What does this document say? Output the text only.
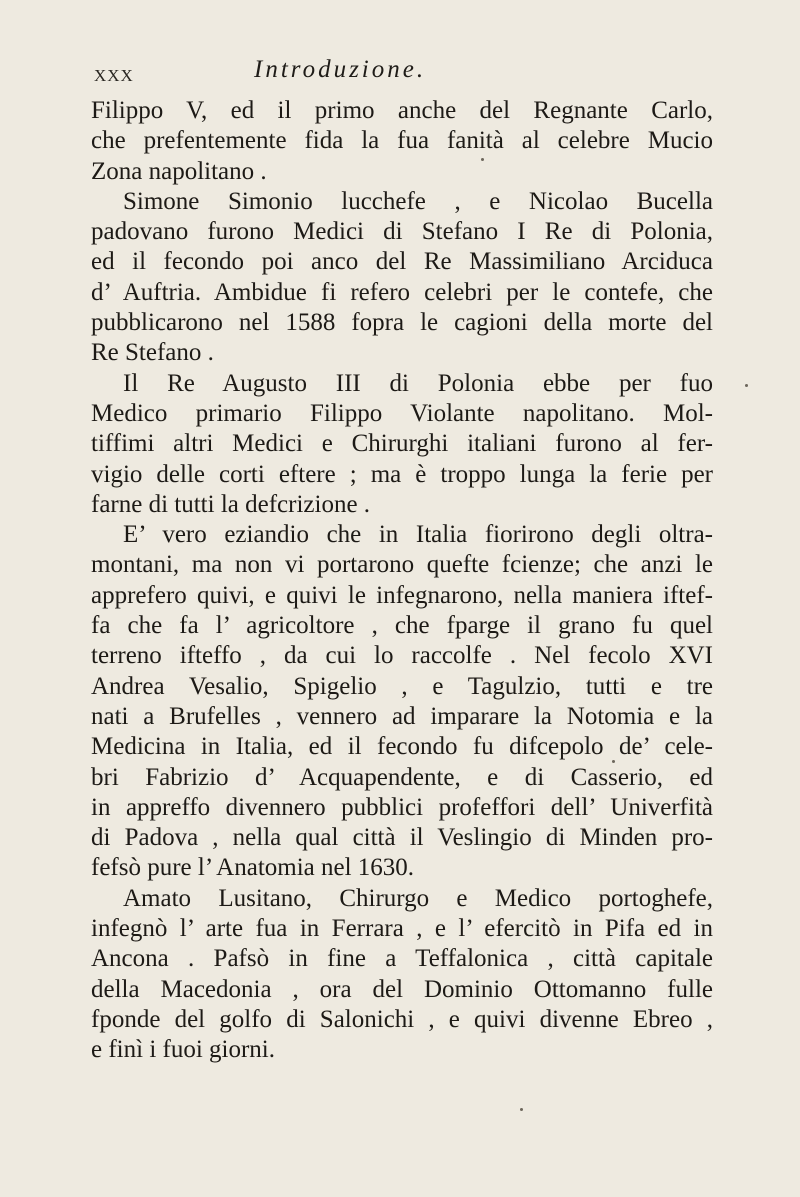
XXX	Introduzione.
Filippo V, ed il primo anche del Regnante Carlo,
che prefentemente fida la fua fanità al celebre Mucio
Zona napolitano .
Simone Simonio lucchefe , e Nicolao Bucella
padovano furono Medici di Stefano I Re di Polonia,
ed il fecondo poi anco del Re Massimiliano Arciduca
d’ Auftria. Ambidue fi refero celebri per le contefe, che
pubblicarono nel 1588 fopra le cagioni della morte del
Re Stefano .
Il Re Augusto III di Polonia ebbe per fuo
Medico primario Filippo Violante napolitano. Mol-
tiffimi altri Medici e Chirurghi italiani furono al fer-
vigio delle corti eftere ; ma è troppo lunga la ferie per
farne di tutti la defcrizione .
E’ vero eziandio che in Italia fiorirono degli oltra-
montani, ma non vi portarono quefte fcienze; che anzi le
apprefero quivi, e quivi le infegnarono, nella maniera iftef-
fa che fa l’ agricoltore , che fparge il grano fu quel
terreno ifteffo , da cui lo raccolfe . Nel fecolo XVI
Andrea Vesalio, Spigelio , e Tagulzio, tutti e tre
nati a Brufelles , vennero ad imparare la Notomia e la
Medicina in Italia, ed il fecondo fu difcepolo de’ cele-
bri Fabrizio d’ Acquapendente, e di Casserio, ed
in appreffo divennero pubblici profeffori dell’ Univerfità
di Padova , nella qual città il Veslingio di Minden pro-
fefsò pure l’ Anatomia nel 1630.
Amato Lusitano, Chirurgo e Medico portoghefe,
infegnò l’ arte fua in Ferrara , e l’ efercitò in Pifa ed in
Ancona . Pafsò in fine a Teffalonica , città capitale
della Macedonia , ora del Dominio Ottomanno fulle
fponde del golfo di Salonichi , e quivi divenne Ebreo ,
e finì i fuoi giorni.
